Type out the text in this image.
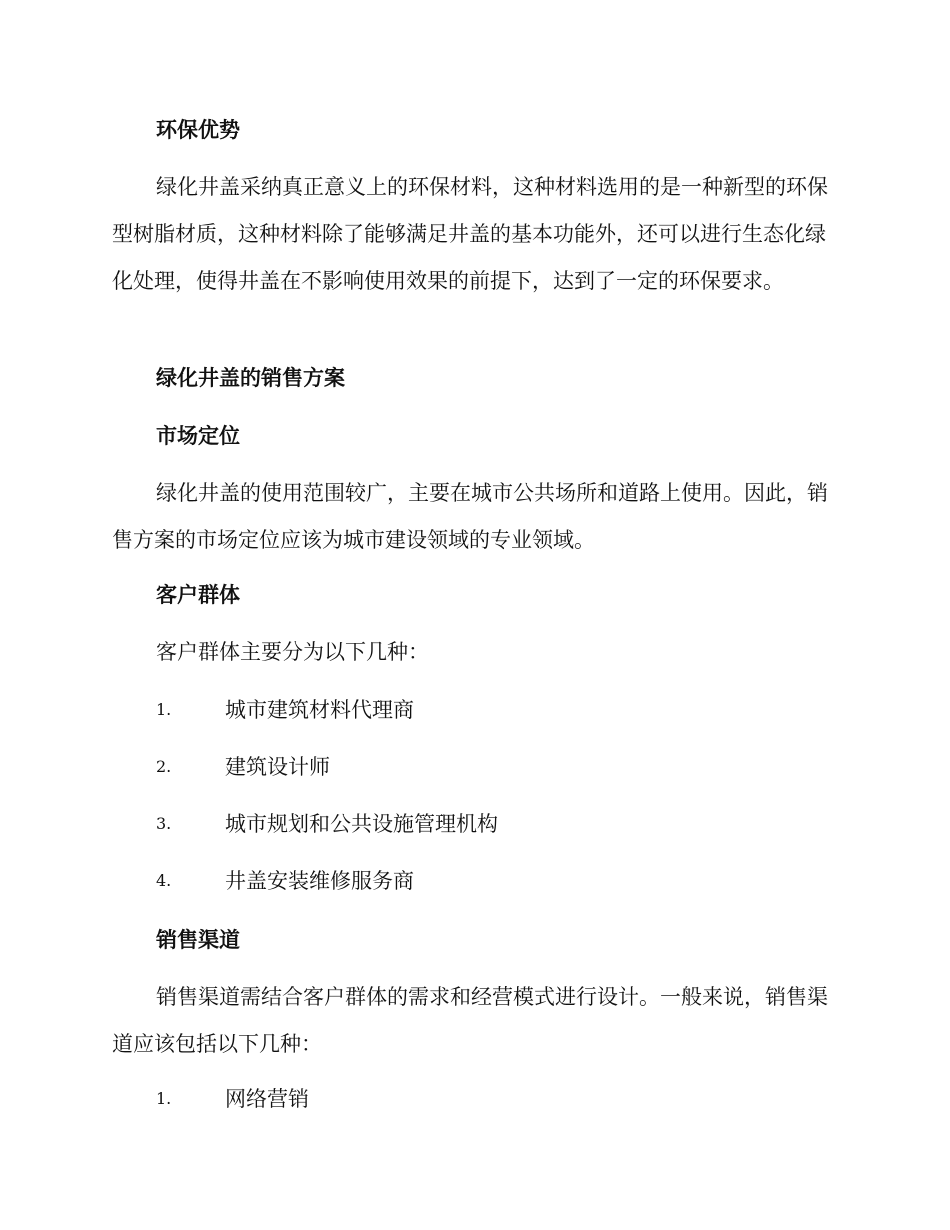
环保优势

绿化井盖采纳真正意义上的环保材料，这种材料选用的是一种新型的环保型树脂材质，这种材料除了能够满足井盖的基本功能外，还可以进行生态化绿化处理，使得井盖在不影响使用效果的前提下，达到了一定的环保要求。

绿化井盖的销售方案

市场定位

绿化井盖的使用范围较广，主要在城市公共场所和道路上使用。因此，销售方案的市场定位应该为城市建设领域的专业领域。

客户群体

客户群体主要分为以下几种：

1.	城市建筑材料代理商
2.	建筑设计师
3.	城市规划和公共设施管理机构
4.	井盖安装维修服务商

销售渠道

销售渠道需结合客户群体的需求和经营模式进行设计。一般来说，销售渠道应该包括以下几种：

1.	网络营销
